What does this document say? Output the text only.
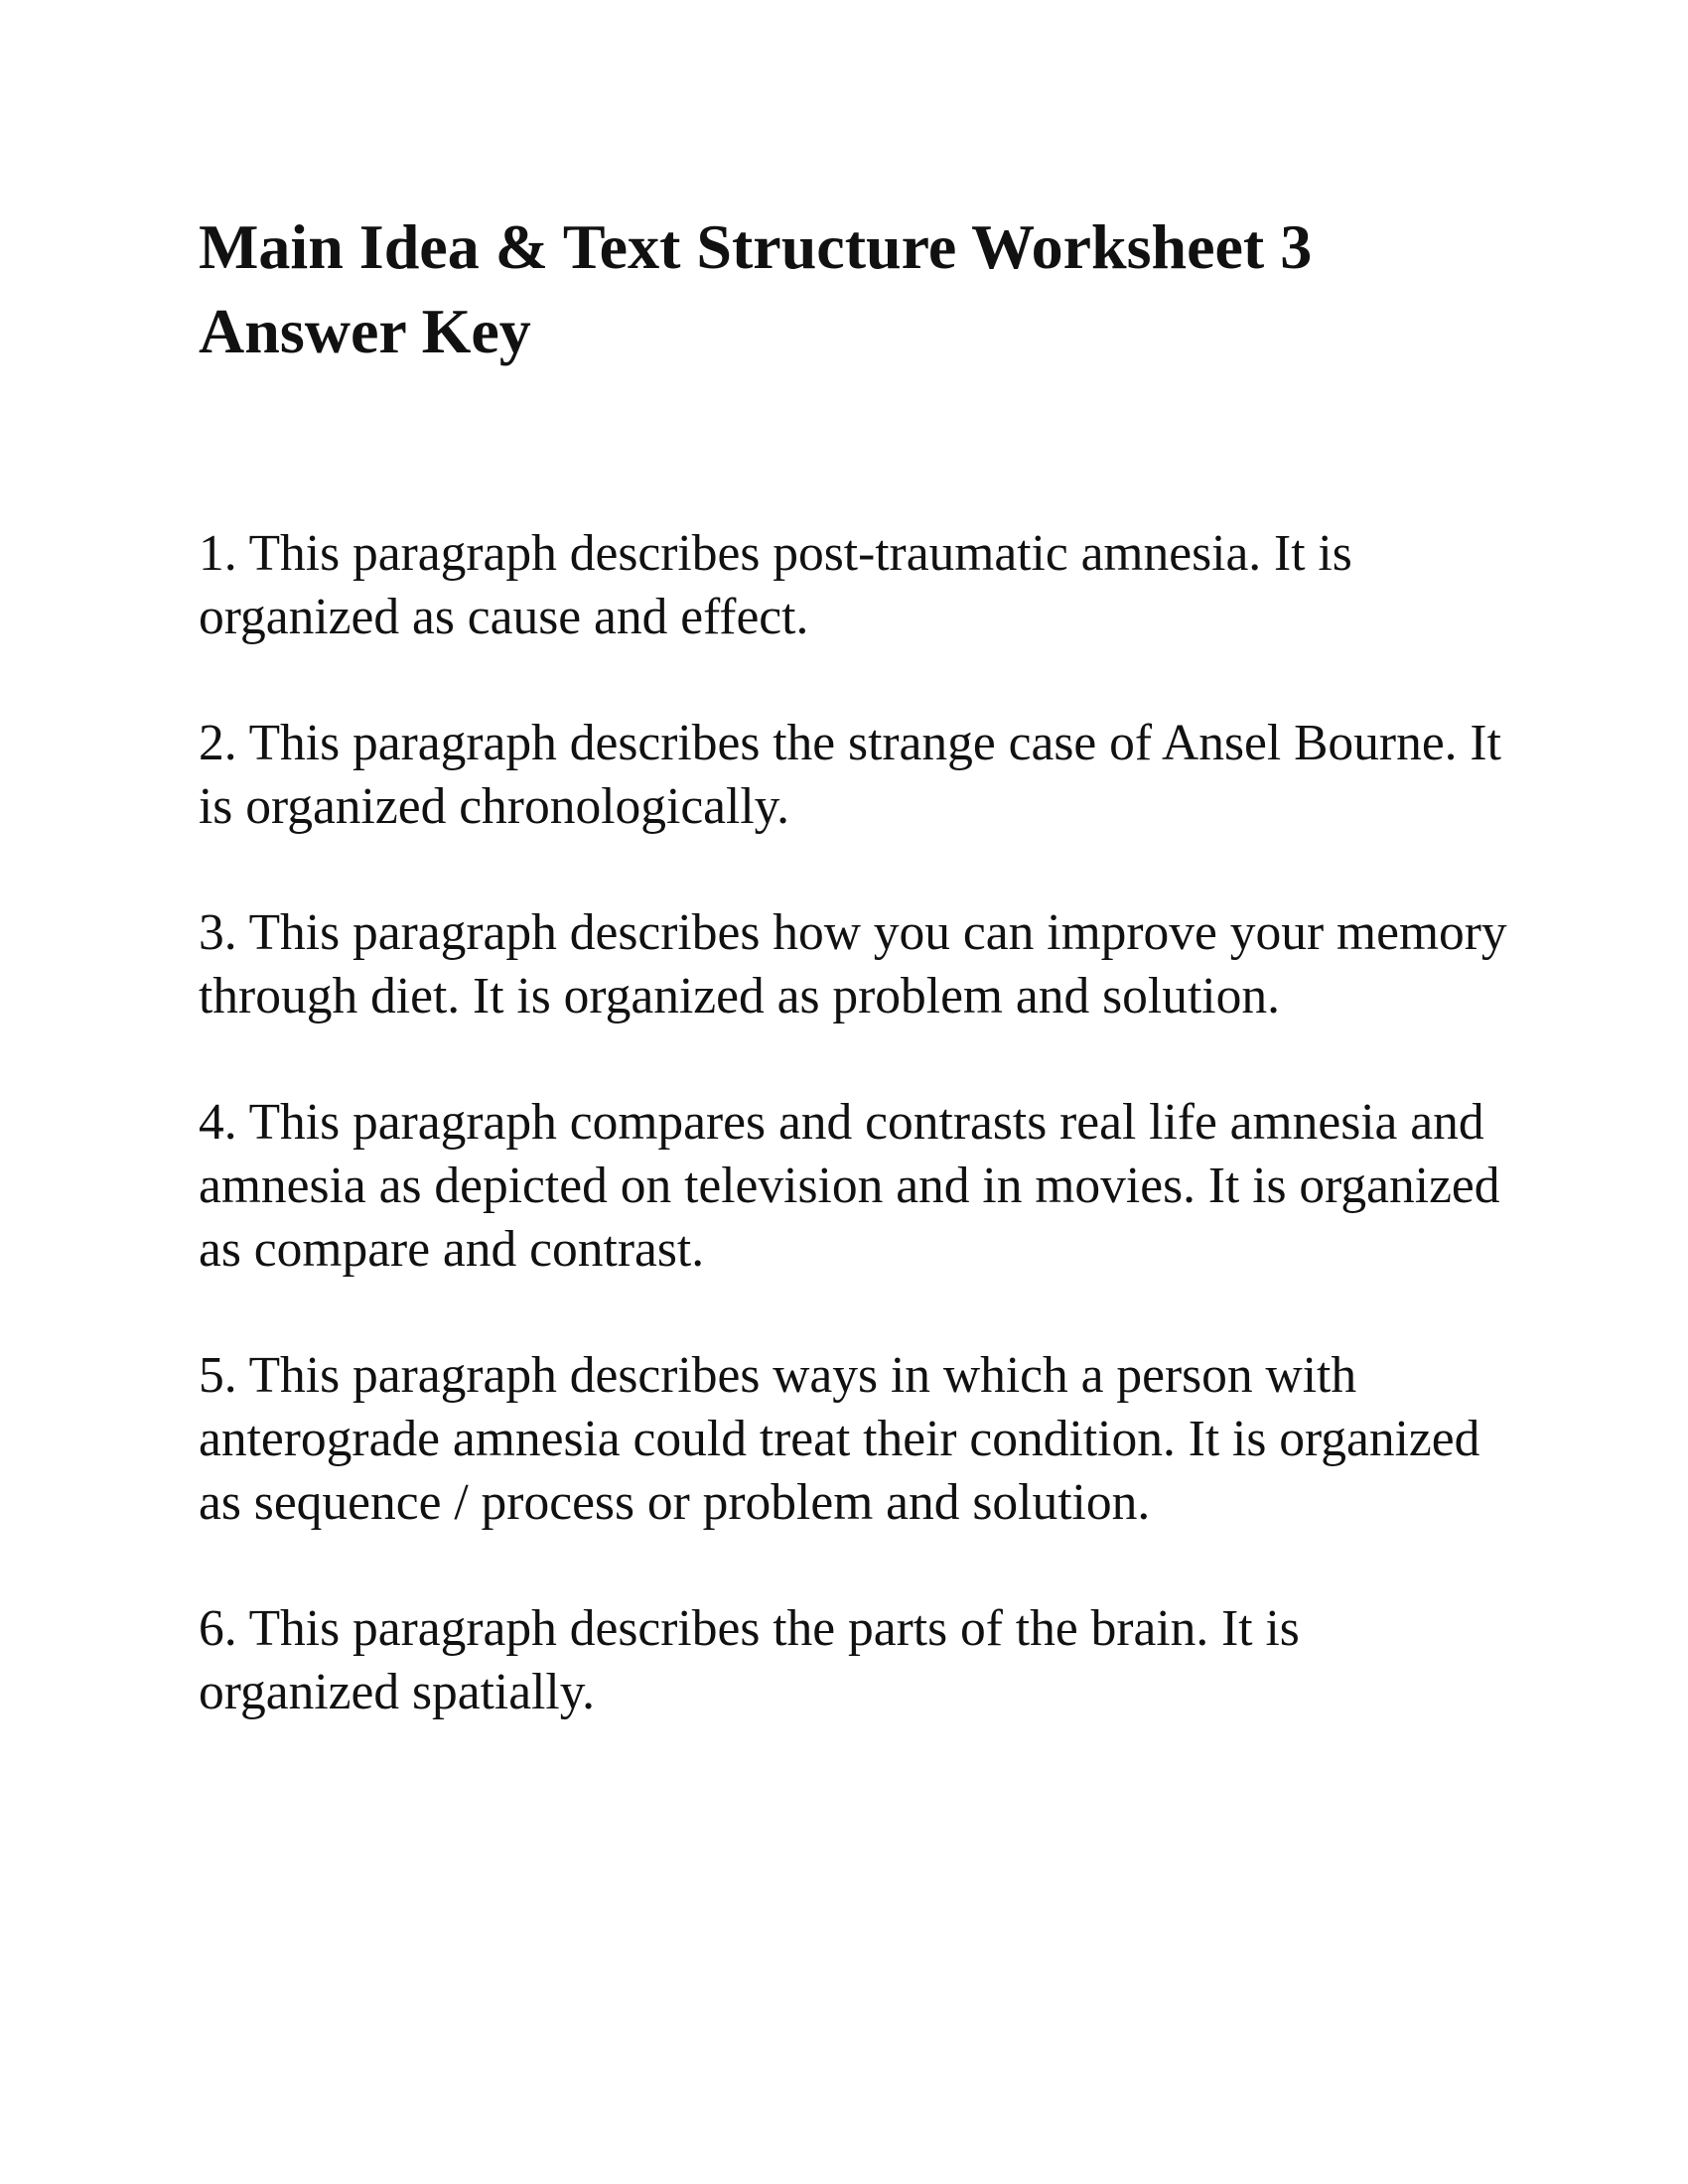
Main Idea & Text Structure Worksheet 3 Answer Key
1. This paragraph describes post-traumatic amnesia. It is organized as cause and effect.
2. This paragraph describes the strange case of Ansel Bourne. It is organized chronologically.
3. This paragraph describes how you can improve your memory through diet. It is organized as problem and solution.
4. This paragraph compares and contrasts real life amnesia and amnesia as depicted on television and in movies. It is organized as compare and contrast.
5. This paragraph describes ways in which a person with anterograde amnesia could treat their condition. It is organized as sequence / process or problem and solution.
6. This paragraph describes the parts of the brain. It is organized spatially.
